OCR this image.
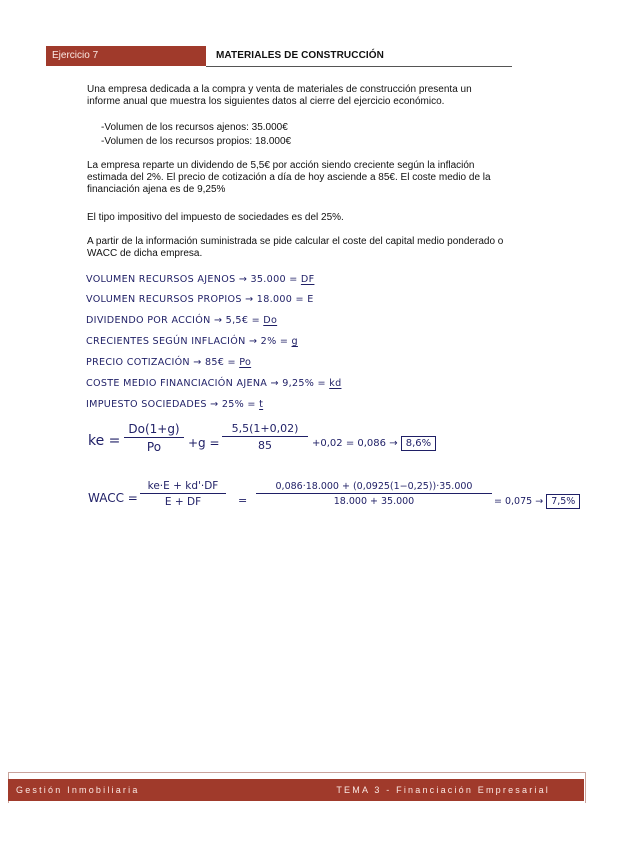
Ejercicio 7	MATERIALES DE CONSTRUCCIÓN
Una empresa dedicada a la compra y venta de materiales de construcción presenta un informe anual que muestra los siguientes datos al cierre del ejercicio económico.
-Volumen de los recursos ajenos: 35.000€
-Volumen de los recursos propios: 18.000€
La empresa reparte un dividendo de 5,5€ por acción siendo creciente según la inflación estimada del 2%. El precio de cotización a día de hoy asciende a 85€. El coste medio de la financiación ajena es de 9,25%
El tipo impositivo del impuesto de sociedades es del 25%.
A partir de la información suministrada se pide calcular el coste del capital medio ponderado o WACC de dicha empresa.
VOLUMEN RECURSOS AJENOS → 35.000 = DF
VOLUMEN RECURSOS PROPIOS → 18.000 = E
DIVIDENDO POR ACCIÓN → 5,5€ = Do
CRECIENTES SEGÚN INFLACIÓN → 2% = g
PRECIO COTIZACIÓN → 85€ = Po
COSTE MEDIO FINANCIACIÓN AJENA → 9,25% = kd
IMPUESTO SOCIEDADES → 25% = t
ke = $\frac{Do(1+g)}{Po} +g = \frac{5,5(1+0,02)}{85} +0,02 = 0,086 \to 8,6\%$
WACC = $\frac{ke\cdot E + kd'\cdot DF}{E + DF} = \frac{0,086\cdot 18.000 + (0,0925(1-0,25))\cdot 35.000}{18.000 + 35.000} = 0,075 \to 7,5\%$
Gestión Inmobiliaria	TEMA 3 - Financiación Empresarial
